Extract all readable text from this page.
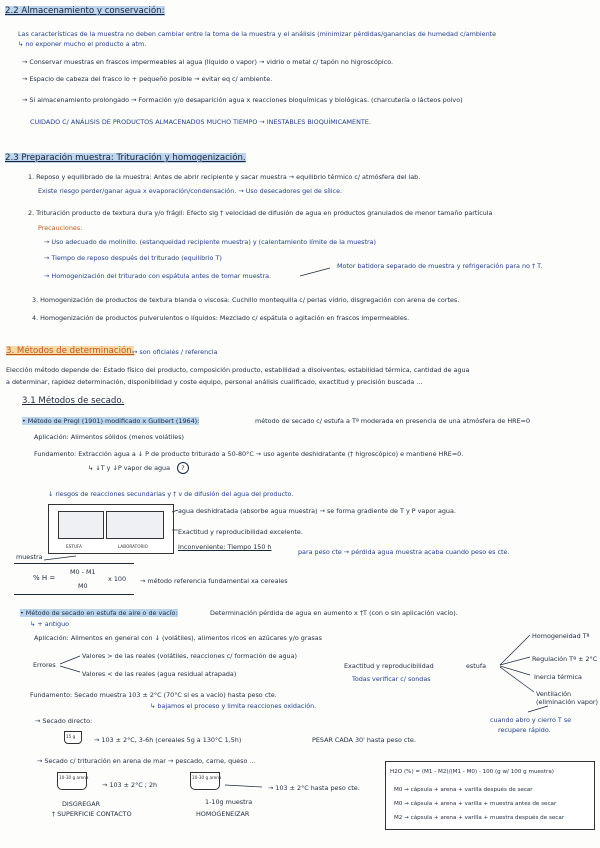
2.2 Almacenamiento y conservación:
Las características de la muestra no deben cambiar entre la toma de la muestra y el análisis (minimizar pérdidas/ganancias de humedad c/ambiente
↳ no exponer mucho el producto a atm.
→ Conservar muestras en frascos impermeables al agua (líquido o vapor) → vidrio o metal c/ tapón no higroscópico.
→ Espacio de cabeza del frasco lo + pequeño posible → evitar eq c/ ambiente.
→ Si almacenamiento prolongado → Formación y/o desaparición agua x reacciones bioquímicas y biológicas. (charcutería o lácteos polvo)
CUIDADO C/ ANÁLISIS DE PRODUCTOS ALMACENADOS MUCHO TIEMPO → INESTABLES BIOQUÍMICAMENTE.
2.3 Preparación muestra: Trituración y homogenización.
1. Reposo y equilibrado de la muestra: Antes de abrir recipiente y sacar muestra → equilibrio térmico c/ atmósfera del lab.
Existe riesgo perder/ganar agua x evaporación/condensación. → Uso desecadores gel de sílice.
2. Trituración producto de textura dura y/o frágil: Efecto sig † velocidad de difusión de agua en productos granulados de menor tamaño partícula
Precauciones:
→ Uso adecuado de molinillo. (estanqueidad recipiente muestra) y (calentamiento límite de la muestra)
→ Tiempo de reposo después del triturado (equilibrio T)
→ Homogenización del triturado con espátula antes de tomar muestra.
Motor batidora separado de muestra y refrigeración para no † T.
3. Homogenización de productos de textura blanda o viscosa: Cuchillo montequilla c/ perlas vidrio, disgregación con arena de cortes.
4. Homogenización de productos pulverulentos o líquidos: Mezclado c/ espátula o agitación en frascos impermeables.
3. Métodos de determinación.
→ son oficiales / referencia
Elección método depende de: Estado físico del producto, composición producto, estabilidad a disolventes, estabilidad térmica, cantidad de agua
a determinar, rapidez determinación, disponibilidad y coste equipo, personal análisis cualificado, exactitud y precisión buscada ...
3.1 Métodos de secado.
• Método de Pregl (1901) modificado x Gullbert (1964):	método de secado c/ estufa a Tª moderada en presencia de una atmósfera de HRE=0
Aplicación: Alimentos sólidos (menos volátiles)
Fundamento: Extracción agua a ↓ P de producto triturado a 50-80°C → uso agente deshidratante († higroscópico) e mantiene HRE=0.
↳ ↓T y ↓P vapor de agua	?
↓ riesgos de reacciones secundarias y † v de difusión del agua del producto.
ESTUFA	LABORATORIO
muestra
agua deshidratada (absorbe agua muestra) → se forma gradiente de T y P vapor agua.
Exactitud y reproducibilidad excelente.
Inconveniente: Tiempo 150 h
para peso cte → pérdida agua muestra acaba cuando peso es cte.
% H =
M0 - M1
M0
x 100 → método referencia fundamental xa cereales
• Método de secado en estufa de aire o de vacío:	Determinación pérdida de agua en aumento x †T (con o sin aplicación vacío).
↳ + antiguo
Aplicación: Alimentos en general con ↓ (volátiles), alimentos ricos en azúcares y/o grasas
Errores
Valores > de las reales (volátiles, reacciones c/ formación de agua)
Valores < de las reales (agua residual atrapada)
Exactitud y reproducibilidad	estufa
Todas verificar c/ sondas
Homogeneidad Tª
Regulación Tª ± 2°C
Inercia térmica
Ventilación (eliminación vapor)
cuando abro y cierro T se
recupere rápido.
Fundamento: Secado muestra 103 ± 2°C (70°C si es a vacío) hasta peso cte.
↳ bajamos el proceso y limita reacciones oxidación.
→ Secado directo:
15 g	→ 103 ± 2°C, 3-6h (cereales 5g a 130°C 1,5h)	PESAR CADA 30' hasta peso cte.
→ Secado c/ trituración en arena de mar → pescado, carne, queso ...
10-30 g arena
→ 103 ± 2°C ; 2h
10-30 g arena
→ 103 ± 2°C hasta peso cte.
DISGREGAR
† SUPERFICIE CONTACTO
1-10g muestra
HOMOGENEIZAR
H2O (%) = (M1 - M2)/(M1 - M0) · 100 (g w/ 100 g muestra)
M0 → cápsula + arena + varilla después de secar
M0 → cápsula + arena + varilla + muestra antes de secar
M2 → cápsula + arena + varilla + muestra después de secar
